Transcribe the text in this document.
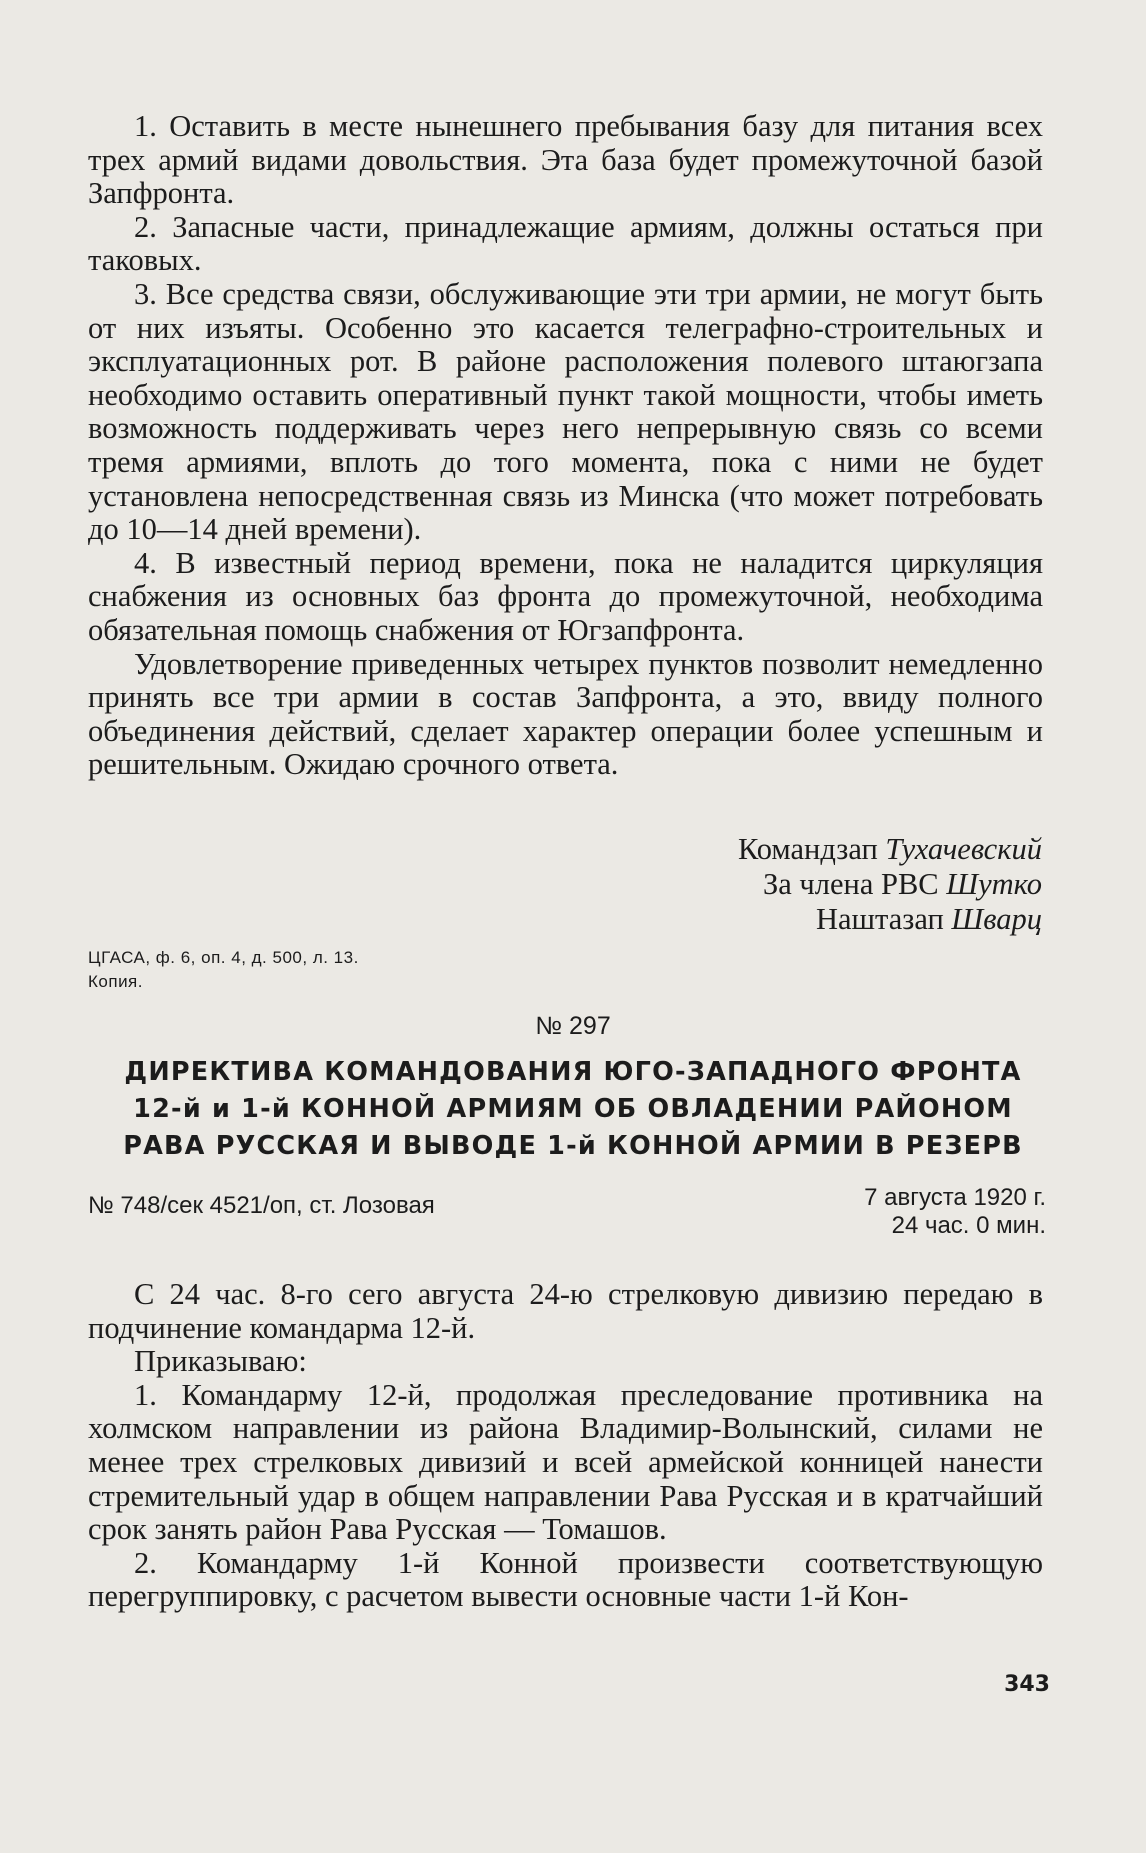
1. Оставить в месте нынешнего пребывания базу для питания всех трех армий видами довольствия. Эта база будет промежуточной базой Запфронта.

2. Запасные части, принадлежащие армиям, должны остаться при таковых.

3. Все средства связи, обслуживающие эти три армии, не могут быть от них изъяты. Особенно это касается телеграфно-строительных и эксплуатационных рот. В районе расположения полевого штаюгзапа необходимо оставить оперативный пункт такой мощности, чтобы иметь возможность поддерживать через него непрерывную связь со всеми тремя армиями, вплоть до того момента, пока с ними не будет установлена непосредственная связь из Минска (что может потребовать до 10—14 дней времени).

4. В известный период времени, пока не наладится циркуляция снабжения из основных баз фронта до промежуточной, необходима обязательная помощь снабжения от Югзапфронта.

Удовлетворение приведенных четырех пунктов позволит немедленно принять все три армии в состав Запфронта, а это, ввиду полного объединения действий, сделает характер операции более успешным и решительным. Ожидаю срочного ответа.

Командзап Тухачевский
За члена РВС Шутко
Наштазап Шварц
ЦГАСА, ф. 6, оп. 4, д. 500, л. 13.
Копия.
№ 297
ДИРЕКТИВА КОМАНДОВАНИЯ ЮГО-ЗАПАДНОГО ФРОНТА
12-й и 1-й КОННОЙ АРМИЯМ ОБ ОВЛАДЕНИИ РАЙОНОМ
РАВА РУССКАЯ И ВЫВОДЕ 1-й КОННОЙ АРМИИ В РЕЗЕРВ
№ 748/сек 4521/оп, ст. Лозовая	7 августа 1920 г.
24 час. 0 мин.

С 24 час. 8-го сего августа 24-ю стрелковую дивизию передаю в подчинение командарма 12-й.

Приказываю:

1. Командарму 12-й, продолжая преследование противника на холмском направлении из района Владимир-Волынский, силами не менее трех стрелковых дивизий и всей армейской конницей нанести стремительный удар в общем направлении Рава Русская и в кратчайший срок занять район Рава Русская — Томашов.

2. Командарму 1-й Конной произвести соответствующую перегруппировку, с расчетом вывести основные части 1-й Кон-

343
